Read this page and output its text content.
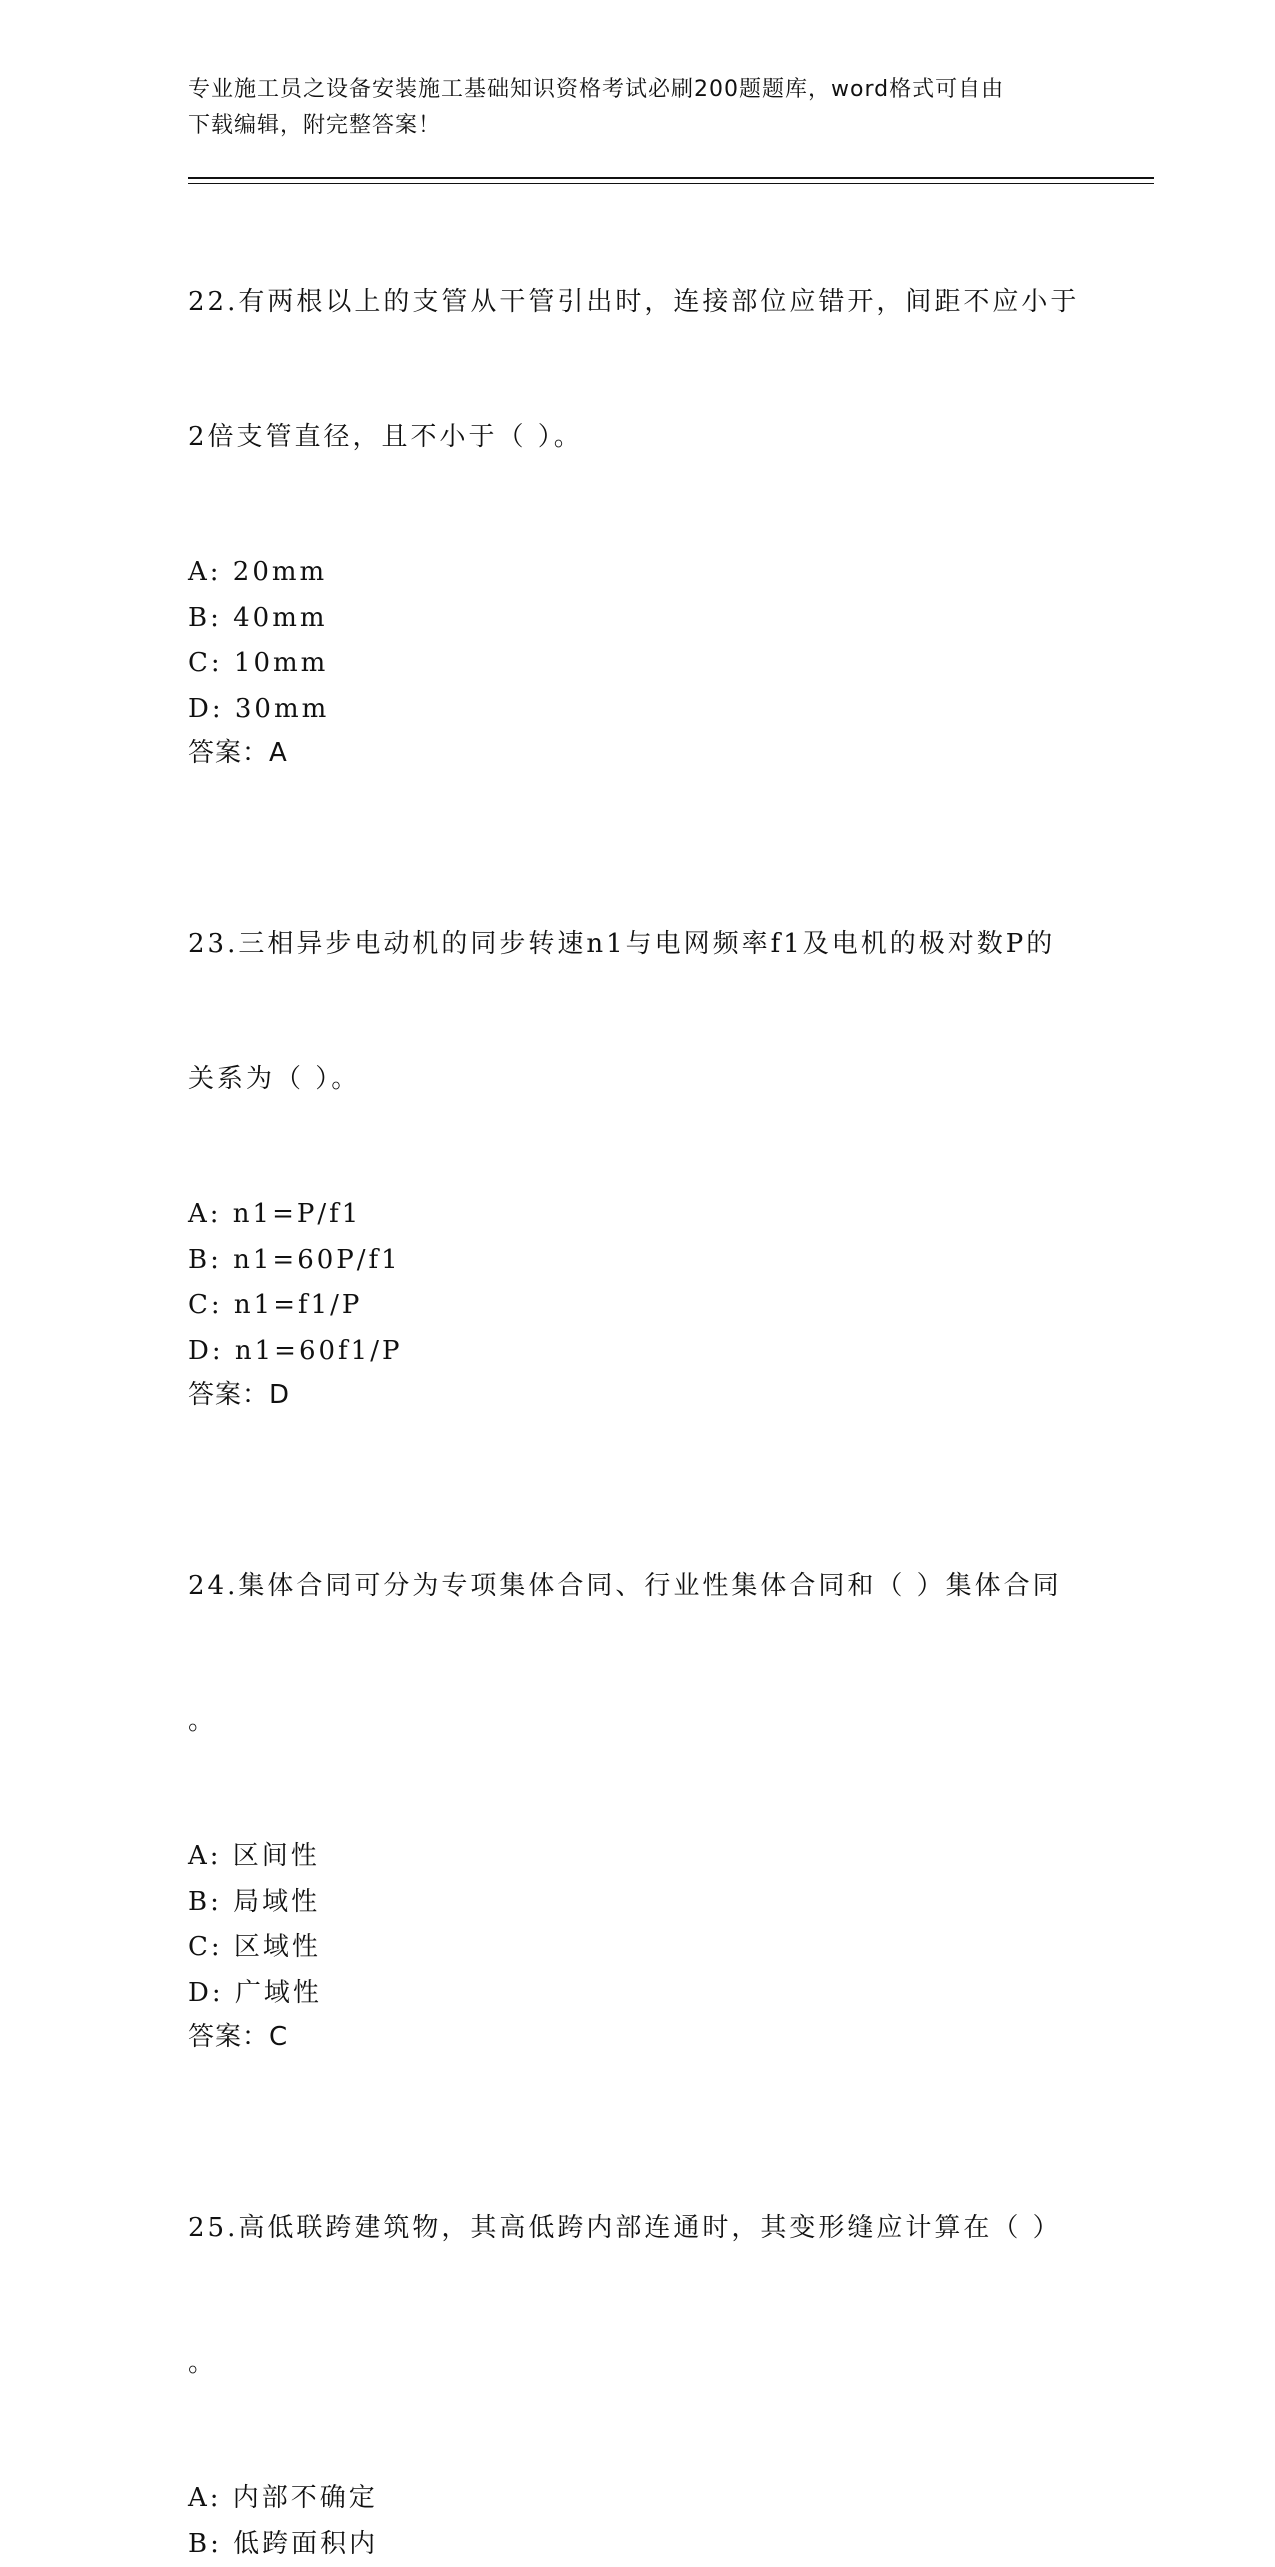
专业施工员之设备安装施工基础知识资格考试必刷200题题库，word格式可自由
下载编辑，附完整答案！

22.有两根以上的支管从干管引出时，连接部位应错开，间距不应小于

2倍支管直径，且不小于（ ）。

A: 20mm
B: 40mm
C: 10mm
D: 30mm
答案：A

23.三相异步电动机的同步转速n1与电网频率f1及电机的极对数P的

关系为（ ）。

A: n1=P/f1
B: n1=60P/f1
C: n1=f1/P
D: n1=60f1/P
答案：D

24.集体合同可分为专项集体合同、行业性集体合同和（ ）集体合同

。

A: 区间性
B: 局域性
C: 区域性
D: 广域性
答案：C

25.高低联跨建筑物，其高低跨内部连通时，其变形缝应计算在（ ）

。

A: 内部不确定
B: 低跨面积内
